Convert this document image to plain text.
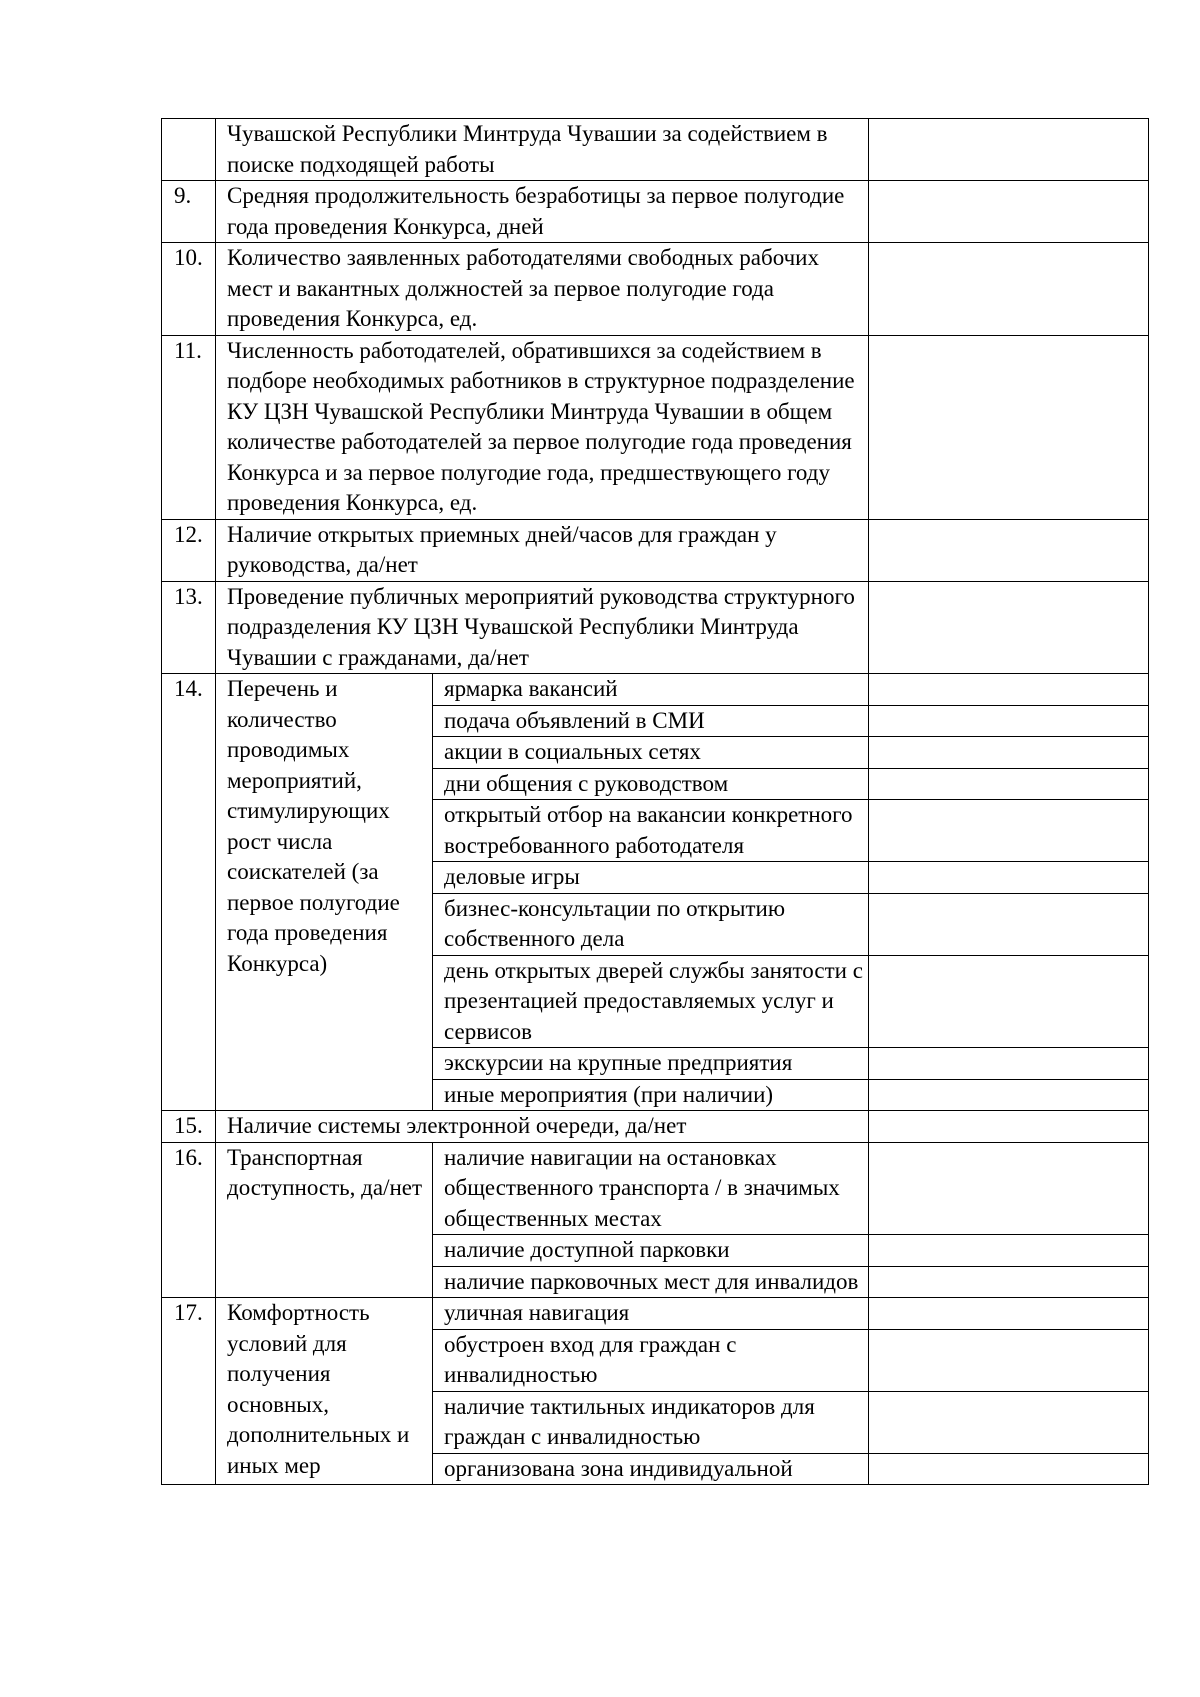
	Чувашской Республики Минтруда Чувашии за содействием в поиске подходящей работы		
9.	Средняя продолжительность безработицы за первое полугодие года проведения Конкурса, дней		
10.	Количество заявленных работодателями свободных рабочих мест и вакантных должностей за первое полугодие года проведения Конкурса, ед.		
11.	Численность работодателей, обратившихся за содействием в подборе необходимых работников в структурное подразделение КУ ЦЗН Чувашской Республики Минтруда Чувашии в общем количестве работодателей за первое полугодие года проведения Конкурса и за первое полугодие года, предшествующего году проведения Конкурса, ед.		
12.	Наличие открытых приемных дней/часов для граждан у руководства, да/нет		
13.	Проведение публичных мероприятий руководства структурного подразделения КУ ЦЗН Чувашской Республики Минтруда Чувашии с гражданами, да/нет		
14.	Перечень и количество проводимых мероприятий, стимулирующих рост числа соискателей (за первое полугодие года проведения Конкурса)	ярмарка вакансий	
		подача объявлений в СМИ	
		акции в социальных сетях	
		дни общения с руководством	
		открытый отбор на вакансии конкретного востребованного работодателя	
		деловые игры	
		бизнес-консультации по открытию собственного дела	
		день открытых дверей службы занятости с презентацией предоставляемых услуг и сервисов	
		экскурсии на крупные предприятия	
		иные мероприятия (при наличии)	
15.	Наличие системы электронной очереди, да/нет		
16.	Транспортная доступность, да/нет	наличие навигации на остановках общественного транспорта / в значимых общественных местах	
		наличие доступной парковки	
		наличие парковочных мест для инвалидов	
17.	Комфортность условий для получения основных, дополнительных и иных мер	уличная навигация	
		обустроен вход для граждан с инвалидностью	
		наличие тактильных индикаторов для граждан с инвалидностью	
		организована зона индивидуальной	
